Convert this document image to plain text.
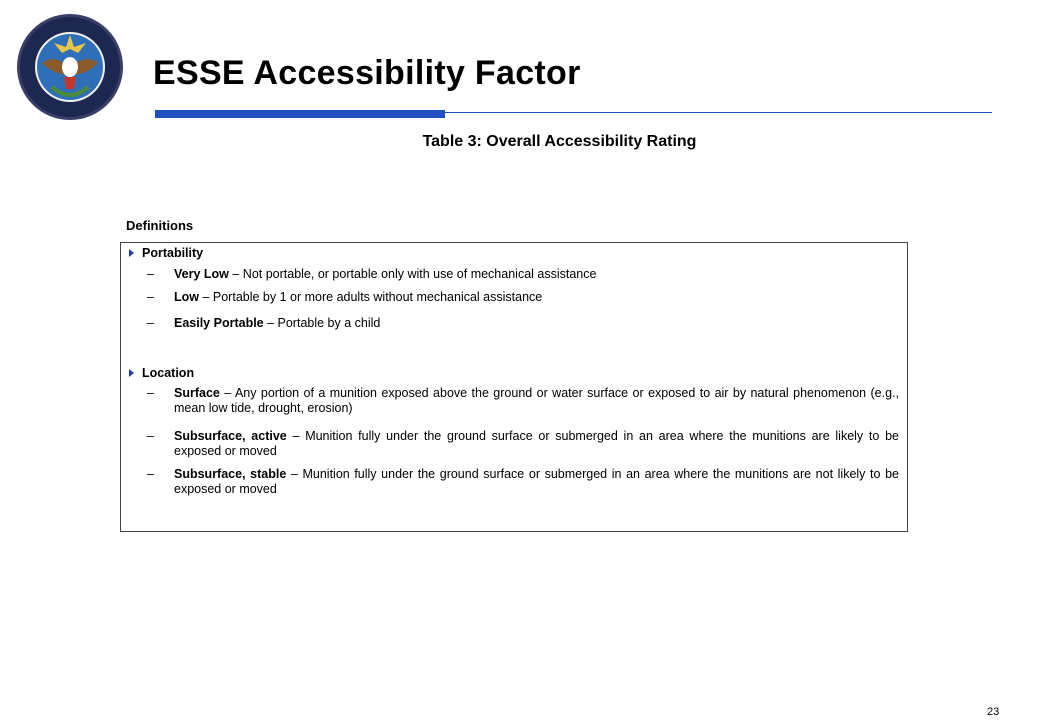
ESSE Accessibility Factor
Table 3: Overall Accessibility Rating
Definitions
Portability
–	Very Low – Not portable, or portable only with use of mechanical assistance
–	Low – Portable by 1 or more adults without mechanical assistance
–	Easily Portable – Portable by a child
Location
–	Surface – Any portion of a munition exposed above the ground or water surface or exposed to air by natural phenomenon (e.g., mean low tide, drought, erosion)
–	Subsurface, active – Munition fully under the ground surface or submerged in an area where the munitions are likely to be exposed or moved
–	Subsurface, stable – Munition fully under the ground surface or submerged in an area where the munitions are not likely to be exposed or moved
23
